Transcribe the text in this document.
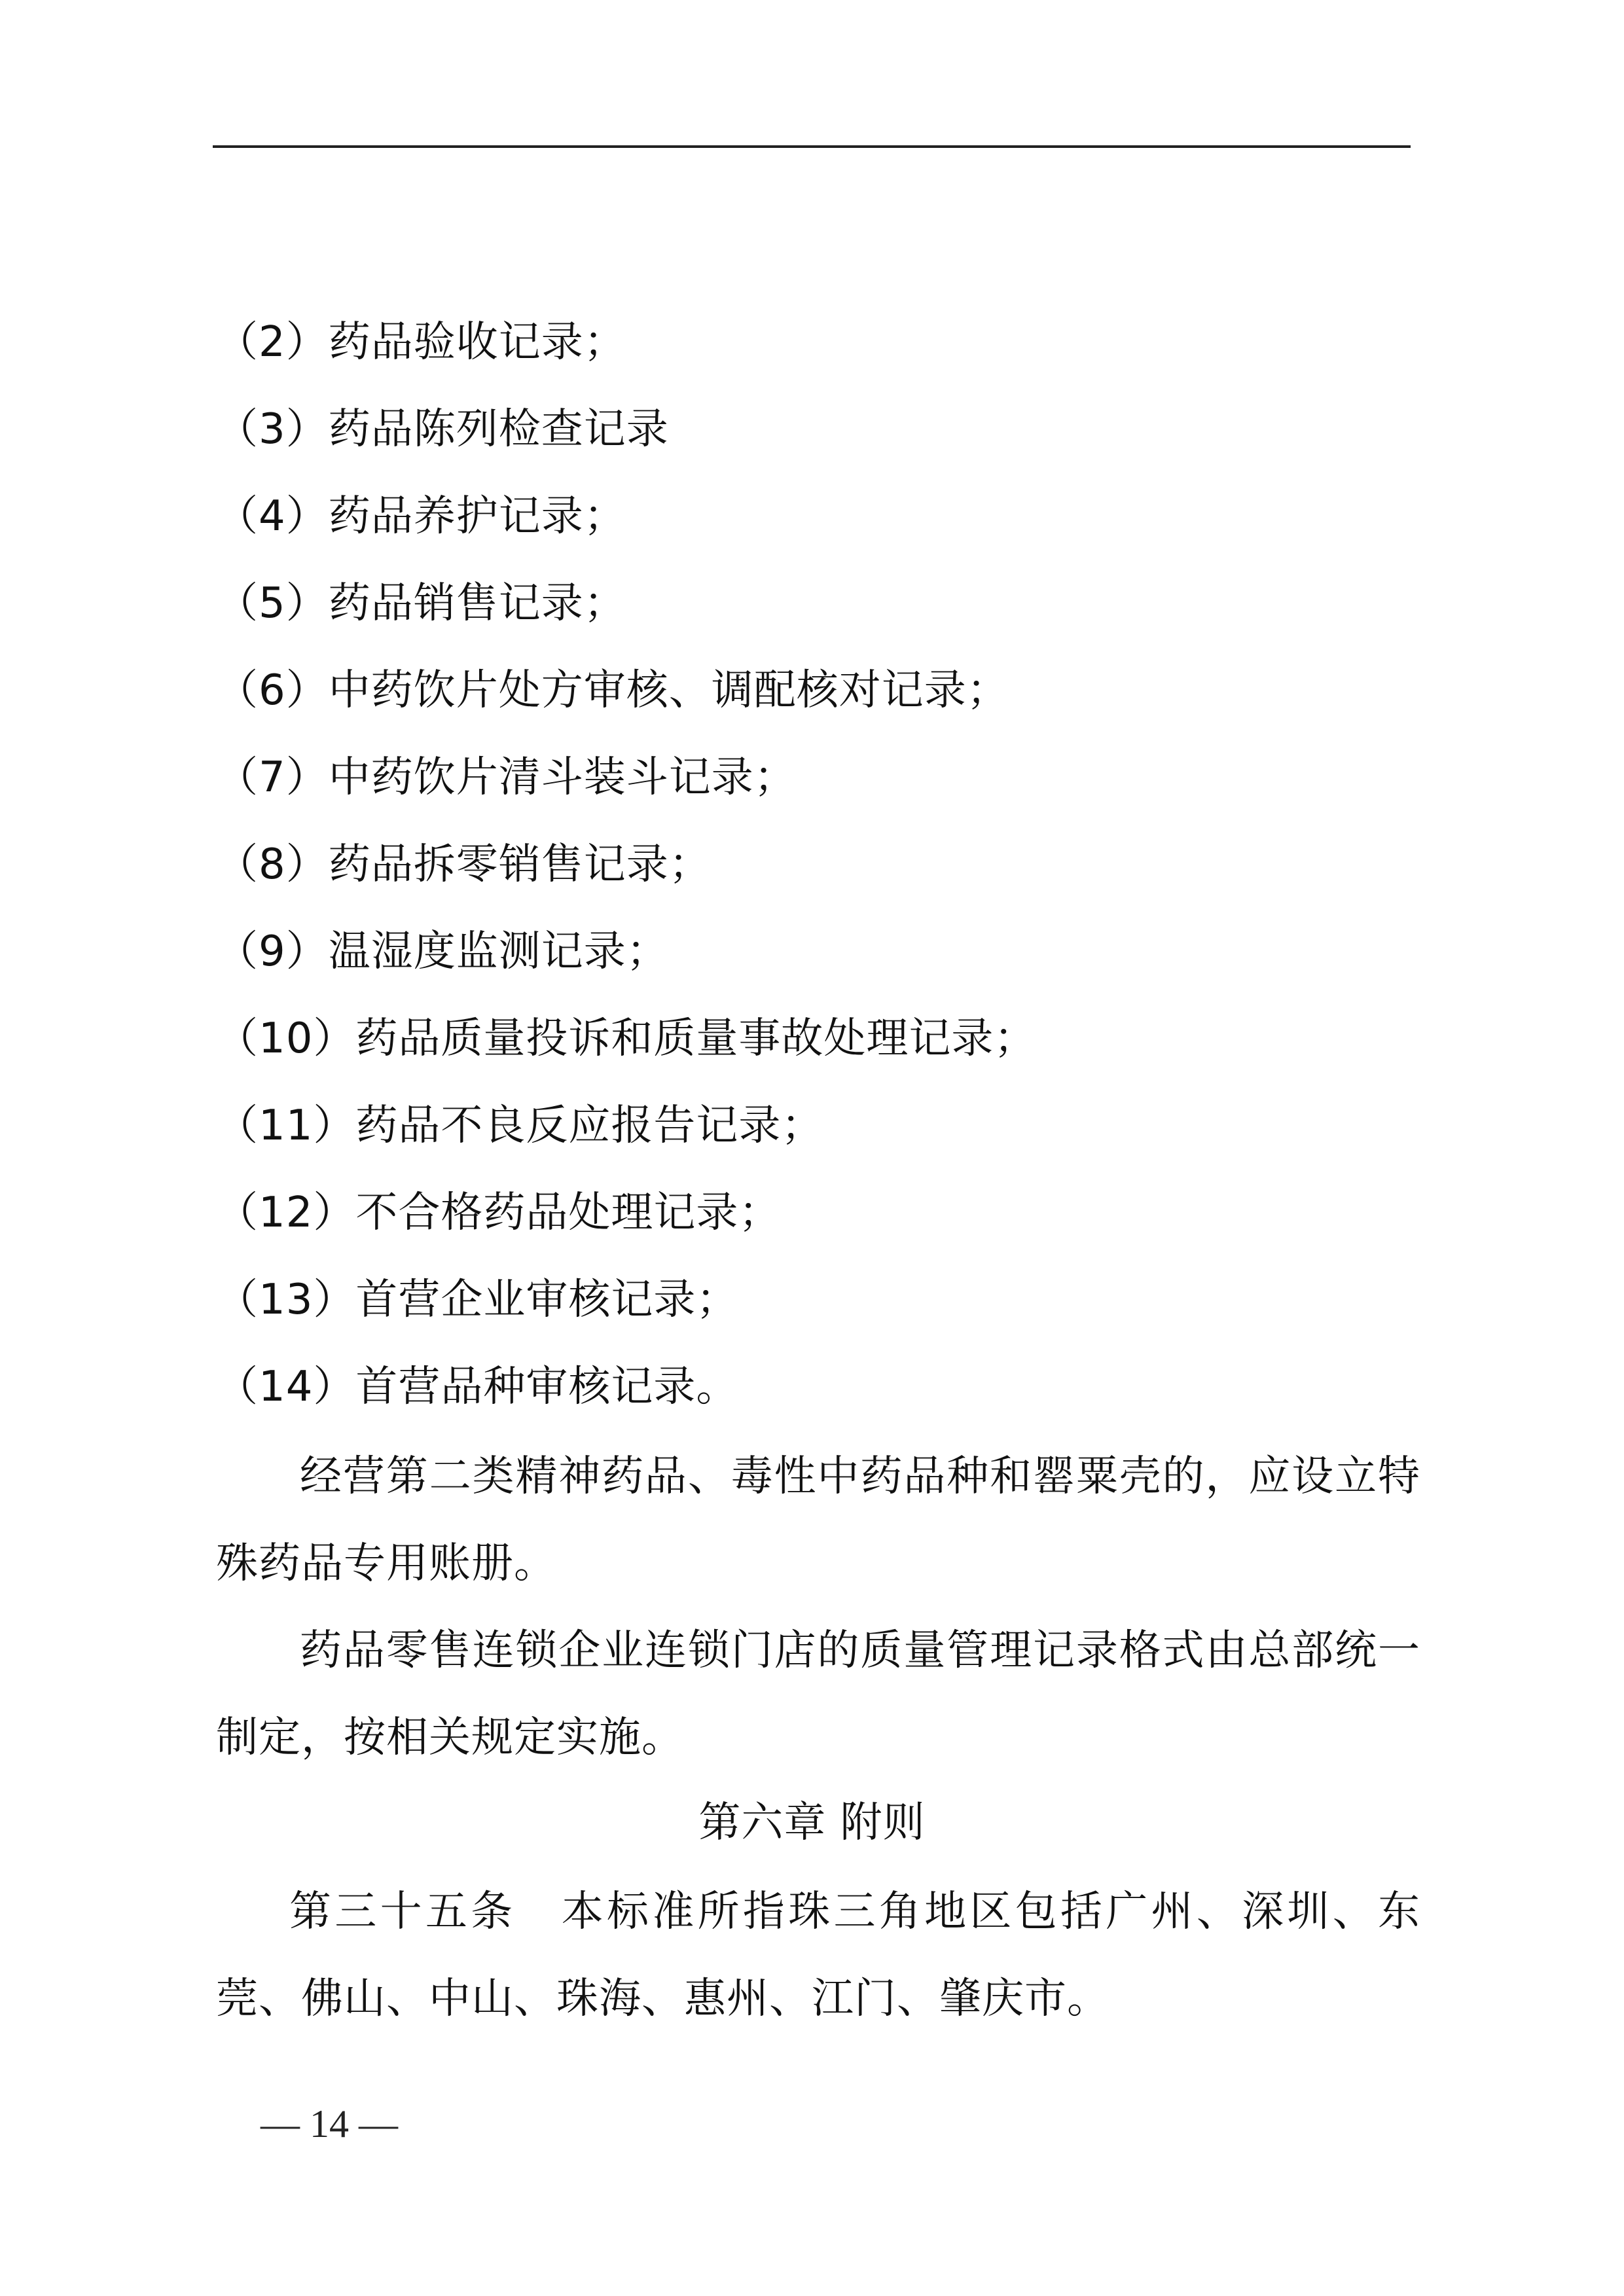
（2）药品验收记录；
（3）药品陈列检查记录
（4）药品养护记录；
（5）药品销售记录；
（6）中药饮片处方审核、调配核对记录；
（7）中药饮片清斗装斗记录；
（8）药品拆零销售记录；
（9）温湿度监测记录；
（10）药品质量投诉和质量事故处理记录；
（11）药品不良反应报告记录；
（12）不合格药品处理记录；
（13）首营企业审核记录；
（14）首营品种审核记录。
经营第二类精神药品、毒性中药品种和罂粟壳的，应设立特殊药品专用账册。
药品零售连锁企业连锁门店的质量管理记录格式由总部统一制定，按相关规定实施。
第六章 附则
第三十五条　本标准所指珠三角地区包括广州、深圳、东莞、佛山、中山、珠海、惠州、江门、肇庆市。
— 14 —
